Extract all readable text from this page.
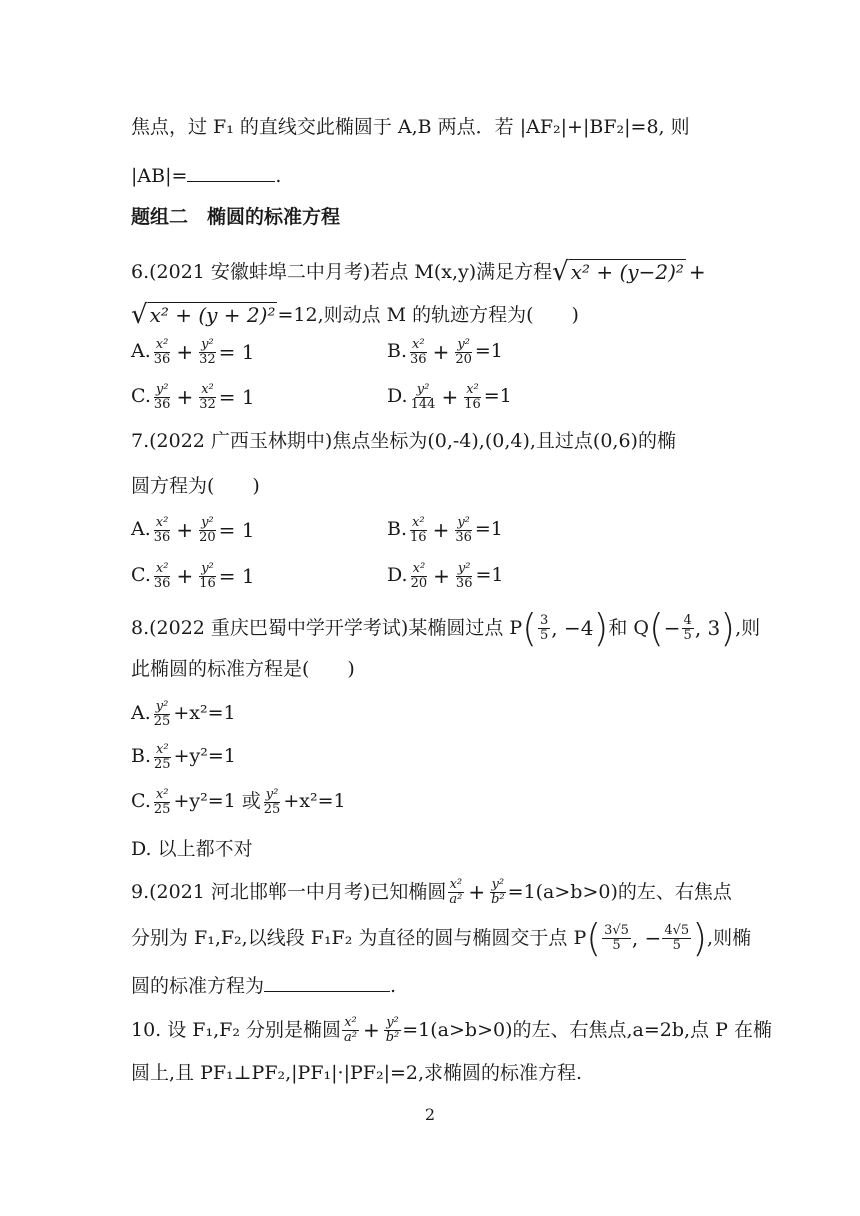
焦点，过 F₁ 的直线交此椭圆于 A,B 两点．若 |AF₂|+|BF₂|=8, 则
|AB|=	.
题组二　椭圆的标准方程
6.(2021 安徽蚌埠二中月考)若点 M(x,y)满足方程 √ x² + (y−2)² +
√ x² + (y + 2)² =12,则动点 M 的轨迹方程为(　　)
A. $\frac{\text{x²}}{36} + \frac{\text{y²}}{32} = 1$	B. $\frac{\text{x²}}{36} + \frac{\text{y²}}{20} =1$
C. $\frac{\text{y²}}{36} + \frac{\text{x²}}{32} = 1$	D. $\frac{\text{y²}}{144} + \frac{\text{x²}}{16} =1$
7.(2022 广西玉林期中)焦点坐标为(0,-4),(0,4),且过点(0,6)的椭
圆方程为(　　)
A. $\frac{\text{x²}}{36} + \frac{\text{y²}}{20} = 1$	B. $\frac{\text{x²}}{16} + \frac{\text{y²}}{36} =1$
C. $\frac{\text{x²}}{36} + \frac{\text{y²}}{16} = 1$	D. $\frac{\text{x²}}{20} + \frac{\text{y²}}{36} =1$
8.(2022 重庆巴蜀中学开学考试)某椭圆过点 P ( $\frac{3}{5}$ , −4 ) 和 Q ( − $\frac{4}{5}$ , 3 ) ,则
此椭圆的标准方程是(　　)
A. $\frac{\text{y²}}{25} +x^2=1$
B. $\frac{\text{x²}}{25} +y^2=1$
C. $\frac{\text{x²}}{25} +y^2=1$ 或 $\frac{\text{y²}}{25} +x^2=1$
D. 以上都不对
9.(2021 河北邯郸一中月考)已知椭圆 $\frac{\text{x²}}{\text{a²}} + \frac{\text{y²}}{\text{b²}} =1(a>b>0)$的左、右焦点
分别为 F₁,F₂,以线段 F₁F₂ 为直径的圆与椭圆交于点 P ( $\frac{3√5}{5}$ , − $\frac{4√5}{5}$ ) ,则椭
圆的标准方程为	.
10. 设 F₁,F₂ 分别是椭圆 $\frac{\text{x²}}{\text{a²}} + \frac{\text{y²}}{\text{b²}} =1(a>b>0)$的左、右焦点,a=2b,点 P 在椭
圆上,且 PF₁⊥PF₂,|PF₁|·|PF₂|=2,求椭圆的标准方程.
2
